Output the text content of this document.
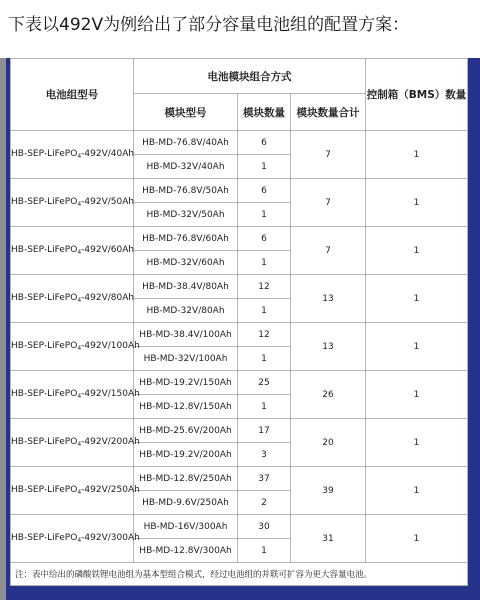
下表以492V为例给出了部分容量电池组的配置方案：
电池组型号	电池模块组合方式			控制箱（BMS）数量
	模块型号	模块数量	模块数量合计	
HB-SEP-LiFePO$_4$-492V/40Ah	HB-MD-76.8V/40Ah	6	7	1
	HB-MD-32V/40Ah	1		
HB-SEP-LiFePO$_4$-492V/50Ah	HB-MD-76.8V/50Ah	6	7	1
	HB-MD-32V/50Ah	1		
HB-SEP-LiFePO$_4$-492V/60Ah	HB-MD-76.8V/60Ah	6	7	1
	HB-MD-32V/60Ah	1		
HB-SEP-LiFePO$_4$-492V/80Ah	HB-MD-38.4V/80Ah	12	13	1
	HB-MD-32V/80Ah	1		
HB-SEP-LiFePO$_4$-492V/100Ah	HB-MD-38.4V/100Ah	12	13	1
	HB-MD-32V/100Ah	1		
HB-SEP-LiFePO$_4$-492V/150Ah	HB-MD-19.2V/150Ah	25	26	1
	HB-MD-12.8V/150Ah	1		
HB-SEP-LiFePO$_4$-492V/200Ah	HB-MD-25.6V/200Ah	17	20	1
	HB-MD-19.2V/200Ah	3		
HB-SEP-LiFePO$_4$-492V/250Ah	HB-MD-12.8V/250Ah	37	39	1
	HB-MD-9.6V/250Ah	2		
HB-SEP-LiFePO$_4$-492V/300Ah	HB-MD-16V/300Ah	30	31	1
	HB-MD-12.8V/300Ah	1		
注：表中给出的磷酸铁锂电池组为基本型组合模式，经过电池组的并联可扩容为更大容量电池。				
